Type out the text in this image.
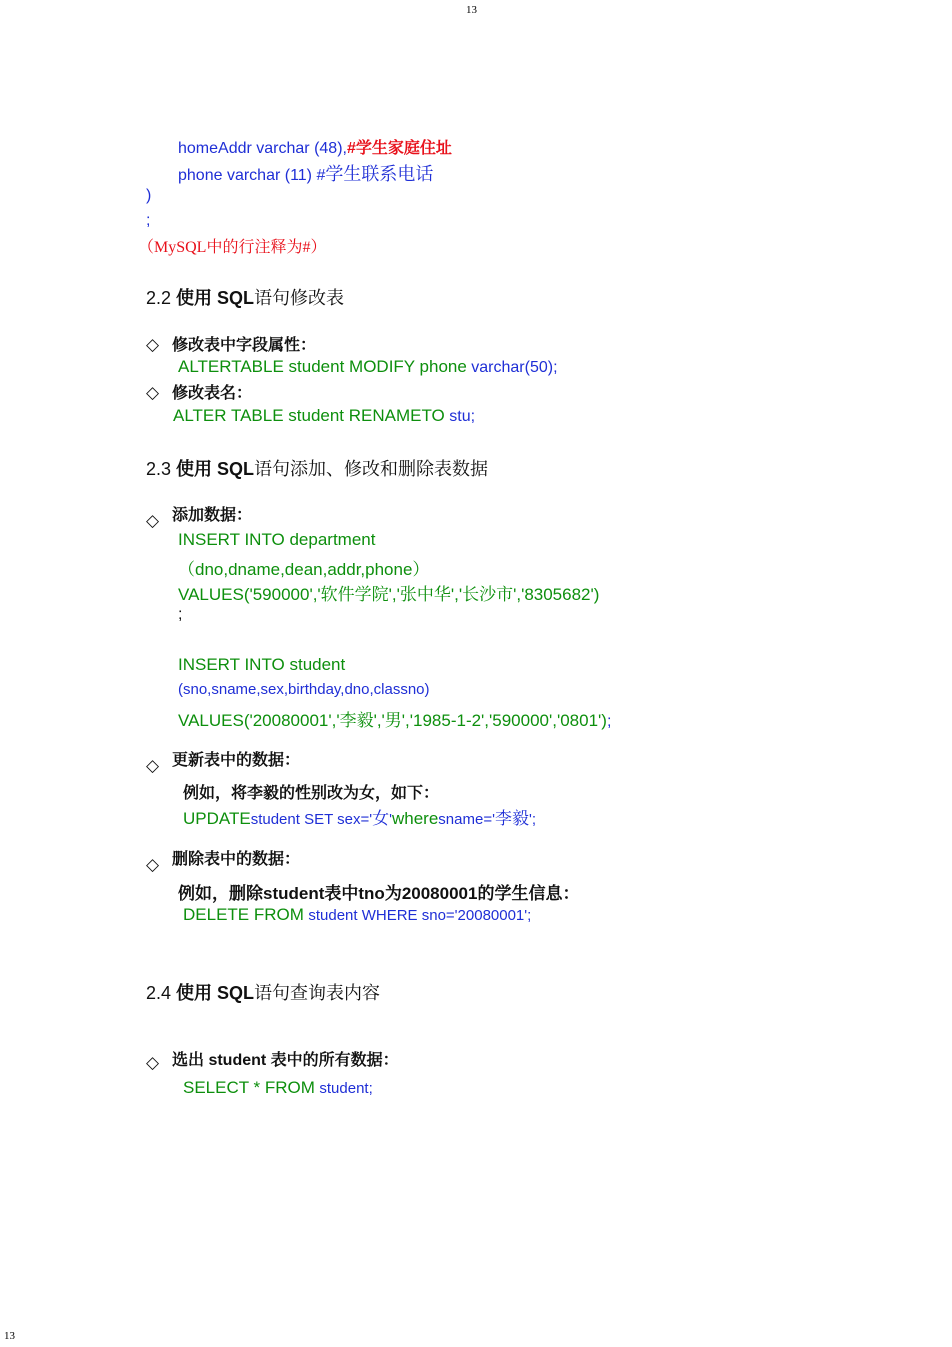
13
homeAddr varchar (48),#学生家庭住址
phone varchar (11) #学生联系电话
)
;
（MySQL中的行注释为#）
2.2 使用 SQL语句修改表
◇ 修改表中字段属性：
ALTERTABLE student MODIFY phone varchar(50);
◇ 修改表名：
ALTER TABLE student RENAMETO stu;
2.3 使用 SQL语句添加、修改和删除表数据
◇ 添加数据：
INSERT INTO department
（dno,dname,dean,addr,phone）
VALUES('590000','软件学院','张中华','长沙市','8305682')
;
INSERT INTO student
(sno,sname,sex,birthday,dno,classno)
VALUES('20080001','李毅','男','1985-1-2','590000','0801');
◇ 更新表中的数据：
例如，将李毅的性别改为女，如下：
UPDATEstudent SET sex='女'wheresname='李毅';
◇ 删除表中的数据：
例如，删除student表中tno为20080001的学生信息：
DELETE FROM student WHERE sno='20080001';
2.4 使用 SQL语句查询表内容
◇ 选出 student 表中的所有数据：
SELECT * FROM student;
13
